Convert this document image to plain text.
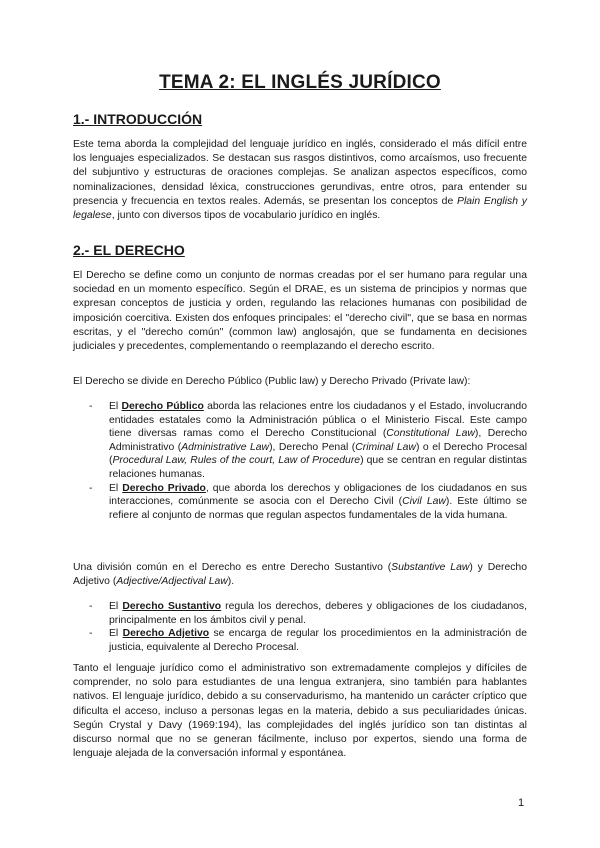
TEMA 2: EL INGLÉS JURÍDICO
1.- INTRODUCCIÓN

Este tema aborda la complejidad del lenguaje jurídico en inglés, considerado el más difícil entre los lenguajes especializados. Se destacan sus rasgos distintivos, como arcaísmos, uso frecuente del subjuntivo y estructuras de oraciones complejas. Se analizan aspectos específicos, como nominalizaciones, densidad léxica, construcciones gerundivas, entre otros, para entender su presencia y frecuencia en textos reales. Además, se presentan los conceptos de Plain English y legalese, junto con diversos tipos de vocabulario jurídico en inglés.

2.- EL DERECHO

El Derecho se define como un conjunto de normas creadas por el ser humano para regular una sociedad en un momento específico. Según el DRAE, es un sistema de principios y normas que expresan conceptos de justicia y orden, regulando las relaciones humanas con posibilidad de imposición coercitiva. Existen dos enfoques principales: el "derecho civil", que se basa en normas escritas, y el "derecho común" (common law) anglosajón, que se fundamenta en decisiones judiciales y precedentes, complementando o reemplazando el derecho escrito.

El Derecho se divide en Derecho Público (Public law) y Derecho Privado (Private law):

- El Derecho Público aborda las relaciones entre los ciudadanos y el Estado, involucrando entidades estatales como la Administración pública o el Ministerio Fiscal. Este campo tiene diversas ramas como el Derecho Constitucional (Constitutional Law), Derecho Administrativo (Administrative Law), Derecho Penal (Criminal Law) o el Derecho Procesal (Procedural Law, Rules of the court, Law of Procedure) que se centran en regular distintas relaciones humanas.
- El Derecho Privado, que aborda los derechos y obligaciones de los ciudadanos en sus interacciones, comúnmente se asocia con el Derecho Civil (Civil Law). Este último se refiere al conjunto de normas que regulan aspectos fundamentales de la vida humana.

Una división común en el Derecho es entre Derecho Sustantivo (Substantive Law) y Derecho Adjetivo (Adjective/Adjectival Law).

- El Derecho Sustantivo regula los derechos, deberes y obligaciones de los ciudadanos, principalmente en los ámbitos civil y penal.
- El Derecho Adjetivo se encarga de regular los procedimientos en la administración de justicia, equivalente al Derecho Procesal.

Tanto el lenguaje jurídico como el administrativo son extremadamente complejos y difíciles de comprender, no solo para estudiantes de una lengua extranjera, sino también para hablantes nativos. El lenguaje jurídico, debido a su conservadurismo, ha mantenido un carácter críptico que dificulta el acceso, incluso a personas legas en la materia, debido a sus peculiaridades únicas. Según Crystal y Davy (1969:194), las complejidades del inglés jurídico son tan distintas al discurso normal que no se generan fácilmente, incluso por expertos, siendo una forma de lenguaje alejada de la conversación informal y espontánea.

1
